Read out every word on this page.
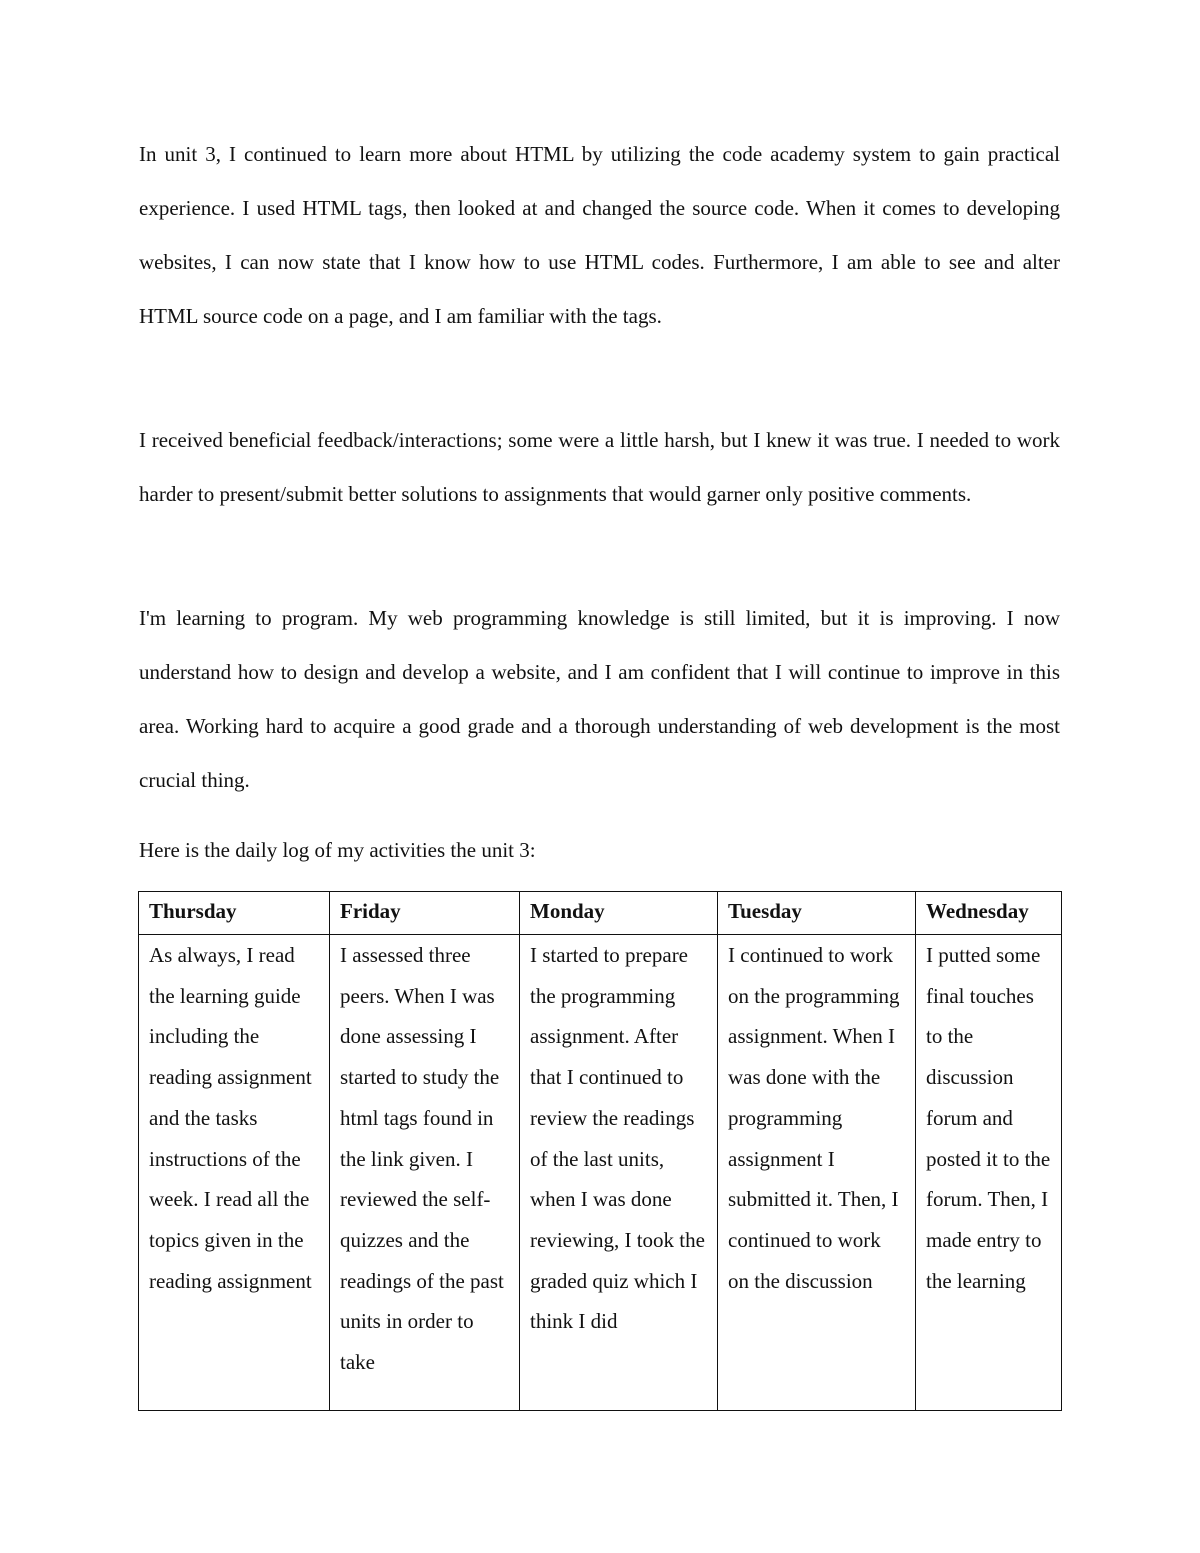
In unit 3, I continued to learn more about HTML by utilizing the code academy system to gain practical experience. I used HTML tags, then looked at and changed the source code. When it comes to developing websites, I can now state that I know how to use HTML codes. Furthermore, I am able to see and alter HTML source code on a page, and I am familiar with the tags.

I received beneficial feedback/interactions; some were a little harsh, but I knew it was true. I needed to work harder to present/submit better solutions to assignments that would garner only positive comments.

I'm learning to program. My web programming knowledge is still limited, but it is improving. I now understand how to design and develop a website, and I am confident that I will continue to improve in this area. Working hard to acquire a good grade and a thorough understanding of web development is the most crucial thing.

Here is the daily log of my activities the unit 3:

Thursday	Friday	Monday	Tuesday	Wednesday

As always, I read the learning guide including the reading assignment and the tasks instructions of the week. I read all the topics given in the reading assignment	I assessed three peers. When I was done assessing I started to study the html tags found in the link given. I reviewed the self-quizzes and the readings of the past units in order to take	I started to prepare the programming assignment. After that I continued to review the readings of the last units, when I was done reviewing, I took the graded quiz which I think I did	I continued to work on the programming assignment. When I was done with the programming assignment I submitted it. Then, I continued to work on the discussion	I putted some final touches to the discussion forum and posted it to the forum. Then, I made entry to the learning
